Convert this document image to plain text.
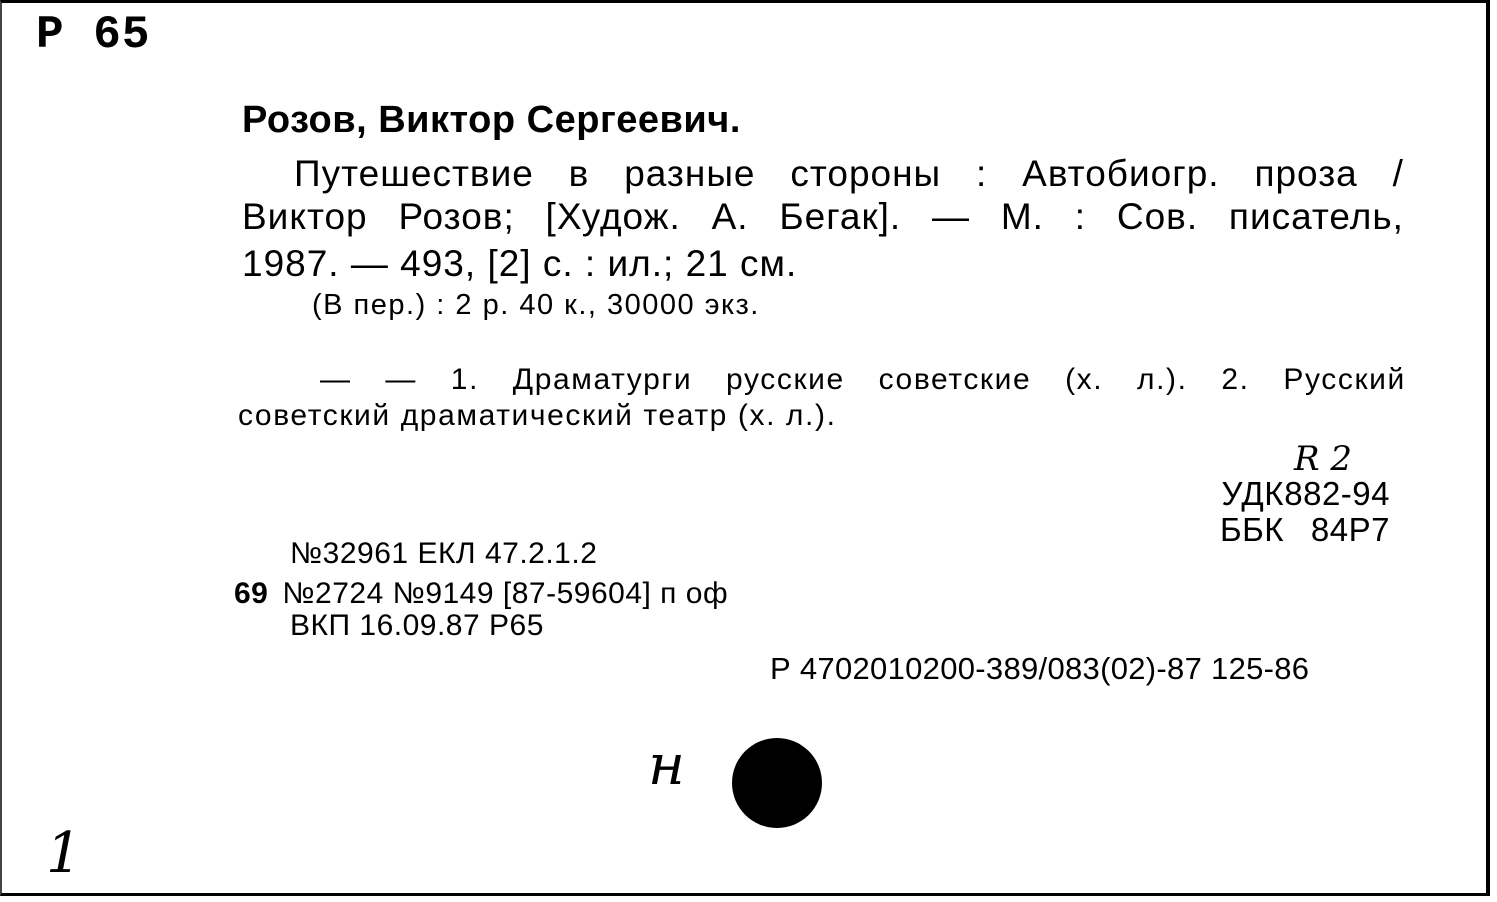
Р 65
Розов, Виктор Сергеевич.
Путешествие в разные стороны : Автобиогр. проза /
Виктор Розов; [Худож. А. Бегак]. — М. : Сов. писатель,
1987. — 493, [2] с. : ил.; 21 см.
(В пер.) : 2 р. 40 к., 30000 экз.
— — 1. Драматурги русские советские (х. л.). 2. Русский
советский драматический театр (х. л.).
R 2
УДК 882-94
ББК 84Р7
№32961 ЕКЛ 47.2.1.2
69 №2724 №9149 [87-59604] п оф
ВКП 16.09.87 Р65
Р 4702010200-389/083(02)-87 125-86
н
1
